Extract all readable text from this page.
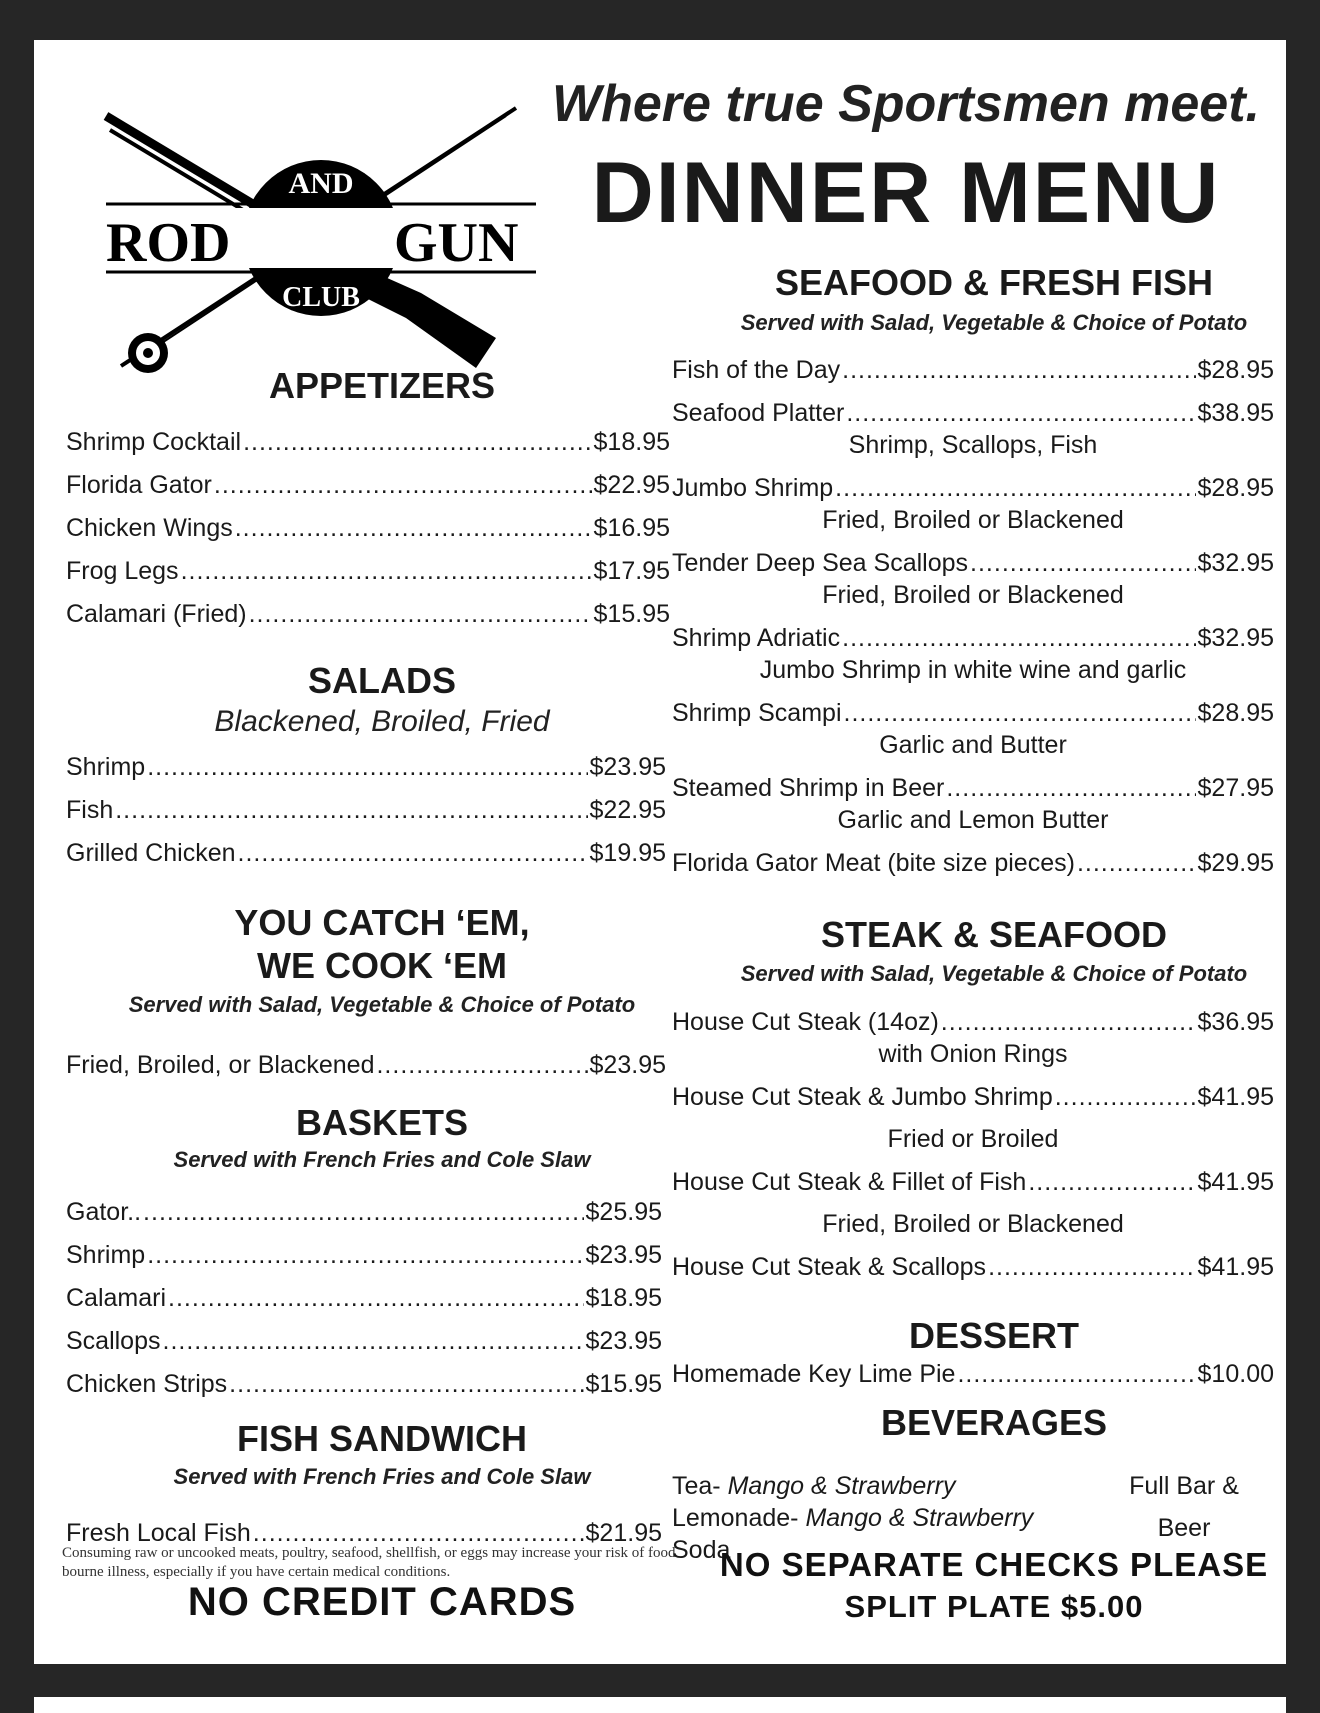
ROD	GUN
AND
CLUB
Where true Sportsmen meet.
DINNER MENU
APPETIZERS
Shrimp Cocktail .....	$18.95
Florida Gator .....	$22.95
Chicken Wings .....	$16.95
Frog Legs .....	$17.95
Calamari (Fried) .....	$15.95
SALADS
Blackened, Broiled, Fried
Shrimp .....	$23.95
Fish .....	$22.95
Grilled Chicken .....	$19.95
YOU CATCH ‘EM,
WE COOK ‘EM
Served with Salad, Vegetable & Choice of Potato
Fried, Broiled, or Blackened .....	$23.95
BASKETS
Served with French Fries and Cole Slaw
Gator.. .....	$25.95
Shrimp .....	$23.95
Calamari .....	$18.95
Scallops .....	$23.95
Chicken Strips .....	$15.95
FISH SANDWICH
Served with French Fries and Cole Slaw
Fresh Local Fish .....	$21.95
Consuming raw or uncooked meats, poultry, seafood, shellfish, or eggs may increase your risk of food bourne illness, especially if you have certain medical conditions.
NO CREDIT CARDS
SEAFOOD & FRESH FISH
Served with Salad, Vegetable & Choice of Potato
Fish of the Day .....	$28.95
Seafood Platter .....	$38.95
Shrimp, Scallops, Fish
Jumbo Shrimp .....	$28.95
Fried, Broiled or Blackened
Tender Deep Sea Scallops .....	$32.95
Fried, Broiled or Blackened
Shrimp Adriatic .....	$32.95
Jumbo Shrimp in white wine and garlic
Shrimp Scampi .....	$28.95
Garlic and Butter
Steamed Shrimp in Beer .....	$27.95
Garlic and Lemon Butter
Florida Gator Meat (bite size pieces) .....	$29.95
STEAK & SEAFOOD
Served with Salad, Vegetable & Choice of Potato
House Cut Steak (14oz) .....	$36.95
with Onion Rings
House Cut Steak & Jumbo Shrimp .....	$41.95
Fried or Broiled
House Cut Steak & Fillet of Fish .....	$41.95
Fried, Broiled or Blackened
House Cut Steak & Scallops .....	$41.95
DESSERT
Homemade Key Lime Pie .....	$10.00
BEVERAGES
Tea- Mango & Strawberry
Lemonade- Mango & Strawberry
Soda
Full Bar &
Beer
NO SEPARATE CHECKS PLEASE
SPLIT PLATE $5.00
